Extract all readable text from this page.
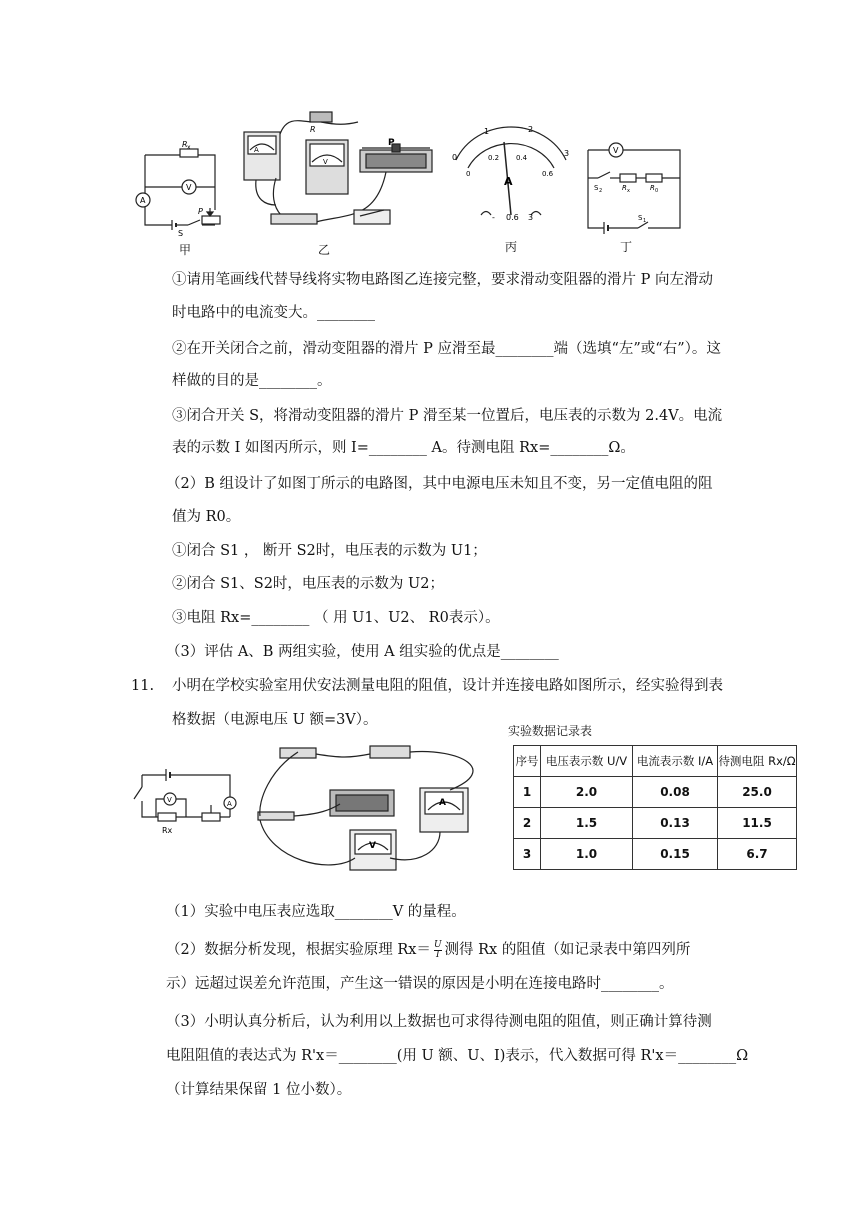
R x
V
A
P
S
甲
A
V
P
R
乙
0
1	2
3
0
0.2 0.4
0.6
A
- 0.6 3
丙
V
S 2	R x	R 0
S 1
丁
①请用笔画线代替导线将实物电路图乙连接完整，要求滑动变阻器的滑片 P 向左滑动
时电路中的电流变大。________
②在开关闭合之前，滑动变阻器的滑片 P 应滑至最________端（选填“左”或“右”）。这
样做的目的是________。
③闭合开关 S，将滑动变阻器的滑片 P 滑至某一位置后，电压表的示数为 2.4V。电流
表的示数 I 如图丙所示，则 I=________ A。待测电阻 Rx=________Ω。
（2）B 组设计了如图丁所示的电路图，其中电源电压未知且不变，另一定值电阻的阻
值为 R0。
①闭合 S1 ， 断开 S2时，电压表的示数为 U1；
②闭合 S1、S2时，电压表的示数为 U2；
③电阻 Rx=________ （ 用 U1、U2、 R0表示）。
（3）评估 A、B 两组实验，使用 A 组实验的优点是________
11. 小明在学校实验室用伏安法测量电阻的阻值，设计并连接电路如图所示，经实验得到表
格数据（电源电压 U 额=3V）。
V	A
Rx
A
V
实验数据记录表
序号	电压表示数 U/V	电流表示数 I/A	待测电阻 Rx/Ω
1	2.0	0.08	25.0
2	1.5	0.13	11.5
3	1.0	0.15	6.7
（1）实验中电压表应选取________V 的量程。
（2）数据分析发现，根据实验原理 $Rx= \frac{U}{I}$ 测得 Rx 的阻值（如记录表中第四列所
示）远超过误差允许范围，产生这一错误的原因是小明在连接电路时________。
（3）小明认真分析后，认为利用以上数据也可求得待测电阻的阻值，则正确计算待测
电阻阻值的表达式为 R'x＝________(用 U 额、U、I)表示，代入数据可得 R'x＝________Ω
（计算结果保留 1 位小数）。
